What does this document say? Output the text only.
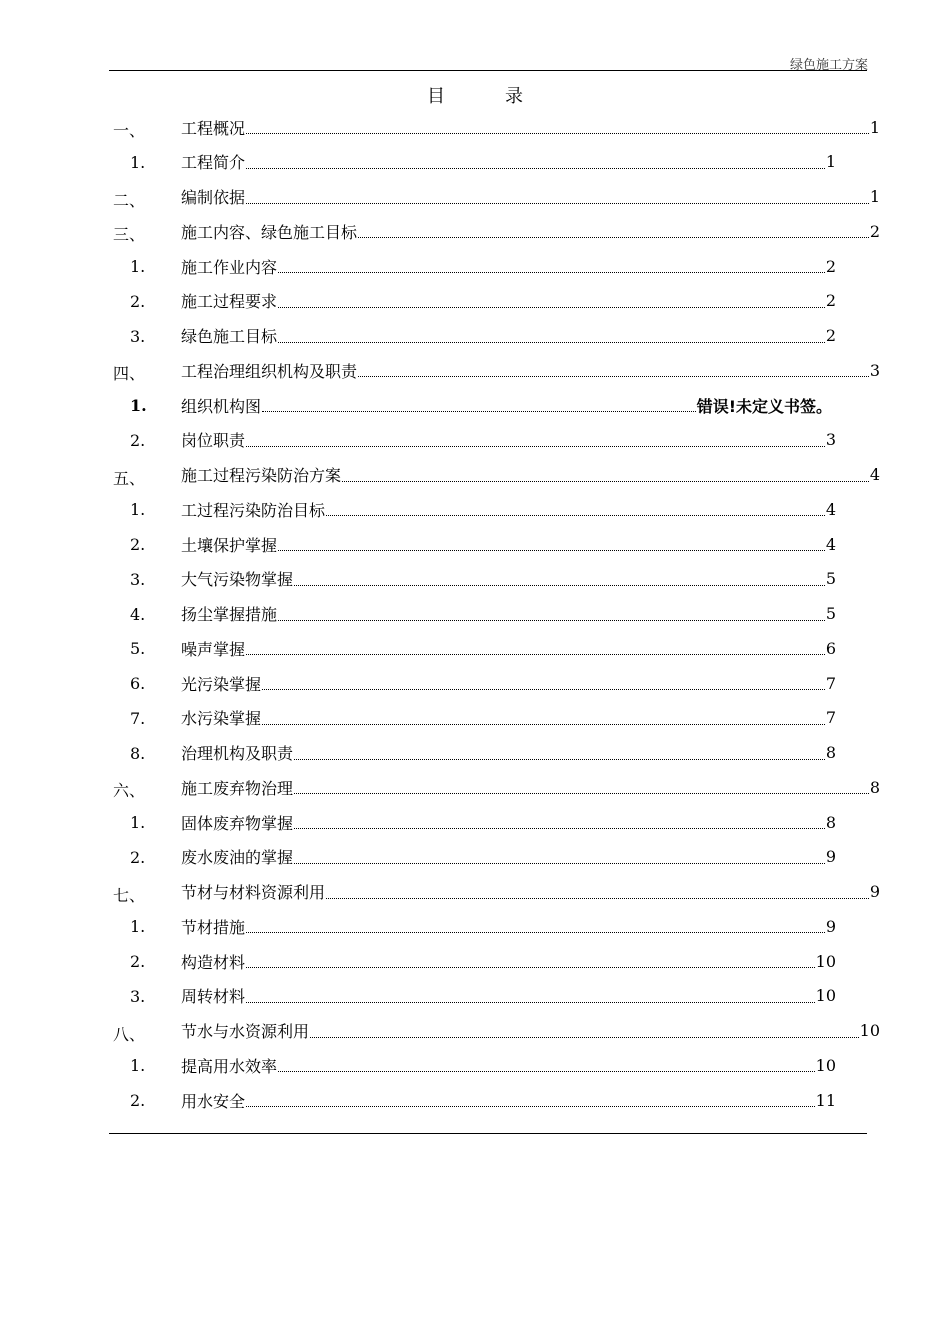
绿色施工方案
目	录
一、 工程概况	1
1. 工程简介	1
二、 编制依据	1
三、 施工内容、绿色施工目标	2
1. 施工作业内容	2
2. 施工过程要求	2
3. 绿色施工目标	2
四、 工程治理组织机构及职责	3
1. 组织机构图	错误!未定义书签。
2. 岗位职责	3
五、 施工过程污染防治方案	4
1. 工过程污染防治目标	4
2. 土壤保护掌握	4
3. 大气污染物掌握	5
4. 扬尘掌握措施	5
5. 噪声掌握	6
6. 光污染掌握	7
7. 水污染掌握	7
8. 治理机构及职责	8
六、 施工废弃物治理	8
1. 固体废弃物掌握	8
2. 废水废油的掌握	9
七、 节材与材料资源利用	9
1. 节材措施	9
2. 构造材料	10
3. 周转材料	10
八、 节水与水资源利用	10
1. 提高用水效率	10
2. 用水安全	11
